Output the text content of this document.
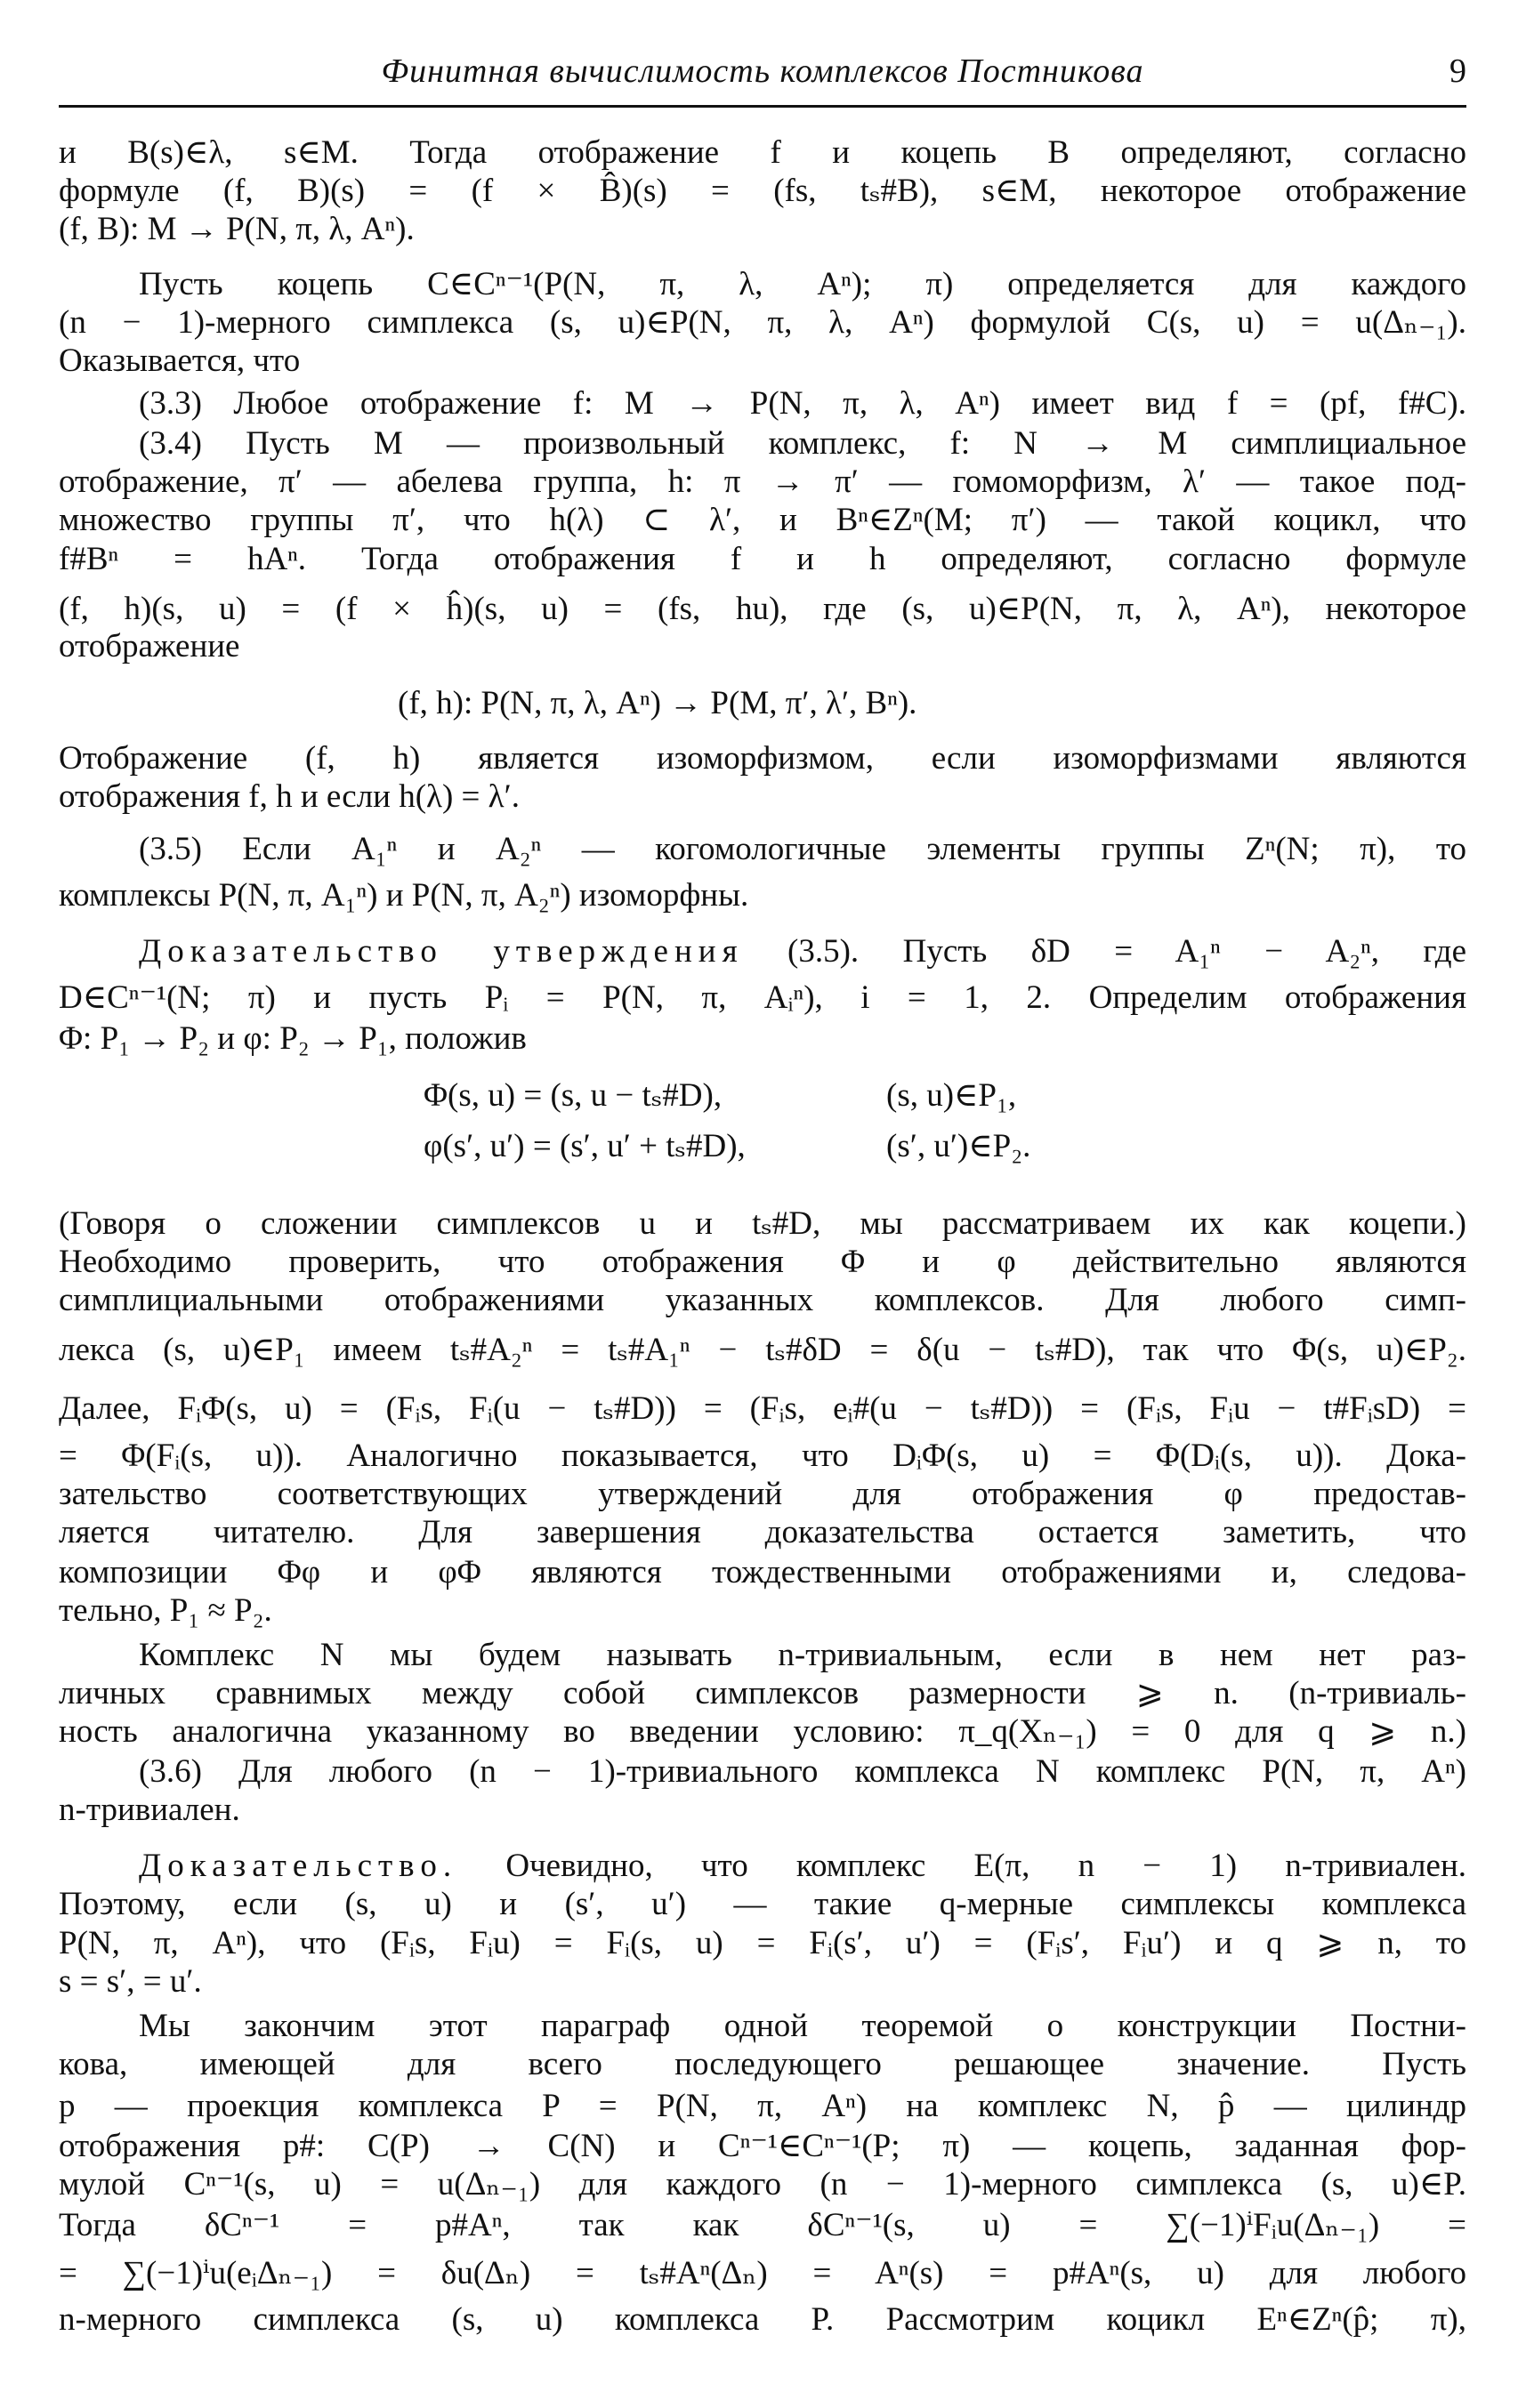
Финитная вычислимость комплексов Постникова	9
и B(s)∈λ, s∈M. Тогда отображение f и коцепь B определяют, согласно
формуле (f, B)(s) = (f × B̂)(s) = (fs, tₛ#B), s∈M, некоторое отображение
(f, B): M → P(N, π, λ, Aⁿ).
Пусть коцепь C∈Cⁿ⁻¹(P(N, π, λ, Aⁿ); π) определяется для каждого
(n − 1)-мерного симплекса (s, u)∈P(N, π, λ, Aⁿ) формулой C(s, u) = u(Δₙ₋₁).
Оказывается, что
(3.3) Любое отображение f: M → P(N, π, λ, Aⁿ) имеет вид f = (pf, f#C).
(3.4) Пусть M — произвольный комплекс, f: N → M симплициальное
отображение, π′ — абелева группа, h: π → π′ — гомоморфизм, λ′ — такое под-
множество группы π′, что h(λ) ⊂ λ′, и Bⁿ∈Zⁿ(M; π′) — такой коцикл, что
f#Bⁿ = hAⁿ. Тогда отображения f и h определяют, согласно формуле
(f, h)(s, u) = (f × ĥ)(s, u) = (fs, hu), где (s, u)∈P(N, π, λ, Aⁿ), некоторое
отображение
(f, h): P(N, π, λ, Aⁿ) → P(M, π′, λ′, Bⁿ).
Отображение (f, h) является изоморфизмом, если изоморфизмами являются
отображения f, h и если h(λ) = λ′.
(3.5) Если A₁ⁿ и A₂ⁿ — когомологичные элементы группы Zⁿ(N; π), то
комплексы P(N, π, A₁ⁿ) и P(N, π, A₂ⁿ) изоморфны.
Доказательство утверждения (3.5). Пусть δD = A₁ⁿ − A₂ⁿ, где
D∈Cⁿ⁻¹(N; π) и пусть Pᵢ = P(N, π, Aᵢⁿ), i = 1, 2. Определим отображения
Φ: P₁ → P₂ и φ: P₂ → P₁, положив
Φ(s, u) = (s, u − tₛ#D),	(s, u)∈P₁,
φ(s′, u′) = (s′, u′ + tₛ#D),	(s′, u′)∈P₂.
(Говоря о сложении симплексов u и tₛ#D, мы рассматриваем их как коцепи.)
Необходимо проверить, что отображения Φ и φ действительно являются
симплициальными отображениями указанных комплексов. Для любого симп-
лекса (s, u)∈P₁ имеем tₛ#A₂ⁿ = tₛ#A₁ⁿ − tₛ#δD = δ(u − tₛ#D), так что Φ(s, u)∈P₂.
Далее, FᵢΦ(s, u) = (Fᵢs, Fᵢ(u − tₛ#D)) = (Fᵢs, eᵢ#(u − tₛ#D)) = (Fᵢs, Fᵢu − t#FᵢsD) =
= Φ(Fᵢ(s, u)). Аналогично показывается, что DᵢΦ(s, u) = Φ(Dᵢ(s, u)). Дока-
зательство соответствующих утверждений для отображения φ предостав-
ляется читателю. Для завершения доказательства остается заметить, что
композиции Φφ и φΦ являются тождественными отображениями и, следова-
тельно, P₁ ≈ P₂.
Комплекс N мы будем называть n-тривиальным, если в нем нет раз-
личных сравнимых между собой симплексов размерности ⩾ n. (n-тривиаль-
ность аналогична указанному во введении условию: π_q(Xₙ₋₁) = 0 для q ⩾ n.)
(3.6) Для любого (n − 1)-тривиального комплекса N комплекс P(N, π, Aⁿ)
n-тривиален.
Доказательство. Очевидно, что комплекс E(π, n − 1) n-тривиален.
Поэтому, если (s, u) и (s′, u′) — такие q-мерные симплексы комплекса
P(N, π, Aⁿ), что (Fᵢs, Fᵢu) = Fᵢ(s, u) = Fᵢ(s′, u′) = (Fᵢs′, Fᵢu′) и q ⩾ n, то
s = s′, = u′.
Мы закончим этот параграф одной теоремой о конструкции Постни-
кова, имеющей для всего последующего решающее значение. Пусть
p — проекция комплекса P = P(N, π, Aⁿ) на комплекс N, p̂ — цилиндр
отображения p#: C(P) → C(N) и Cⁿ⁻¹∈Cⁿ⁻¹(P; π) — коцепь, заданная фор-
мулой Cⁿ⁻¹(s, u) = u(Δₙ₋₁) для каждого (n − 1)-мерного симплекса (s, u)∈P.
Тогда δCⁿ⁻¹ = p#Aⁿ, так как δCⁿ⁻¹(s, u) = ∑(−1)ⁱFᵢu(Δₙ₋₁) =
= ∑(−1)ⁱu(eᵢΔₙ₋₁) = δu(Δₙ) = tₛ#Aⁿ(Δₙ) = Aⁿ(s) = p#Aⁿ(s, u) для любого
n-мерного симплекса (s, u) комплекса P. Рассмотрим коцикл Eⁿ∈Zⁿ(p̂; π),
